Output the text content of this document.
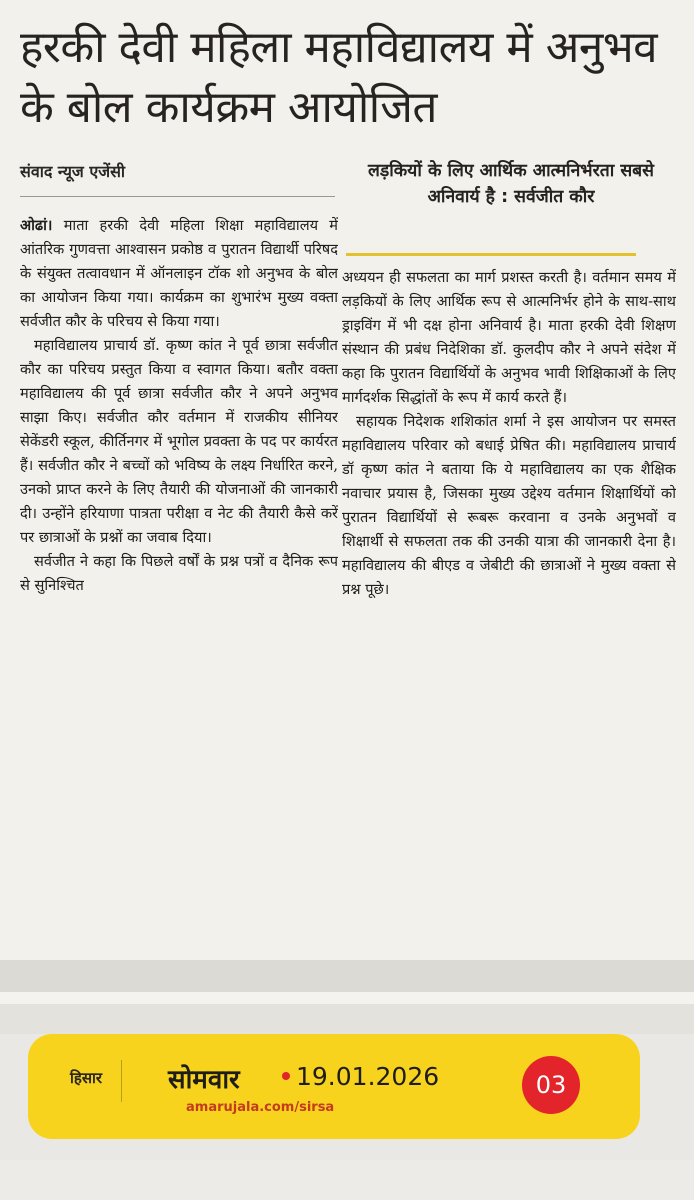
हरकी देवी महिला महाविद्यालय में अनुभव के बोल कार्यक्रम आयोजित
संवाद न्यूज एजेंसी

ओढां। माता हरकी देवी महिला शिक्षा महाविद्यालय में आंतरिक गुणवत्ता आश्वासन प्रकोष्ठ व पुरातन विद्यार्थी परिषद के संयुक्त तत्वावधान में ऑनलाइन टॉक शो अनुभव के बोल का आयोजन किया गया। कार्यक्रम का शुभारंभ मुख्य वक्ता सर्वजीत कौर के परिचय से किया गया।

महाविद्यालय प्राचार्य डॉ. कृष्ण कांत ने पूर्व छात्रा सर्वजीत कौर का परिचय प्रस्तुत किया व स्वागत किया। बतौर वक्ता महाविद्यालय की पूर्व छात्रा सर्वजीत कौर ने अपने अनुभव साझा किए। सर्वजीत कौर वर्तमान में राजकीय सीनियर सेकेंडरी स्कूल, कीर्तिनगर में भूगोल प्रवक्ता के पद पर कार्यरत हैं। सर्वजीत कौर ने बच्चों को भविष्य के लक्ष्य निर्धारित करने, उनको प्राप्त करने के लिए तैयारी की योजनाओं की जानकारी दी। उन्होंने हरियाणा पात्रता परीक्षा व नेट की तैयारी कैसे करें पर छात्राओं के प्रश्नों का जवाब दिया।

सर्वजीत ने कहा कि पिछले वर्षों के प्रश्न पत्रों व दैनिक रूप से सुनिश्चित

लड़कियों के लिए आर्थिक आत्मनिर्भरता सबसे अनिवार्य है : सर्वजीत कौर

अध्ययन ही सफलता का मार्ग प्रशस्त करती है। वर्तमान समय में लड़कियों के लिए आर्थिक रूप से आत्मनिर्भर होने के साथ-साथ ड्राइविंग में भी दक्ष होना अनिवार्य है। माता हरकी देवी शिक्षण संस्थान की प्रबंध निदेशिका डॉ. कुलदीप कौर ने अपने संदेश में कहा कि पुरातन विद्यार्थियों के अनुभव भावी शिक्षिकाओं के लिए मार्गदर्शक सिद्धांतों के रूप में कार्य करते हैं।

सहायक निदेशक शशिकांत शर्मा ने इस आयोजन पर समस्त महाविद्यालय परिवार को बधाई प्रेषित की। महाविद्यालय प्राचार्य डॉ कृष्ण कांत ने बताया कि ये महाविद्यालय का एक शैक्षिक नवाचार प्रयास है, जिसका मुख्य उद्देश्य वर्तमान शिक्षार्थियों को पुरातन विद्यार्थियों से रूबरू करवाना व उनके अनुभवों व शिक्षार्थी से सफलता तक की उनकी यात्रा की जानकारी देना है। महाविद्यालय की बीएड व जेबीटी की छात्राओं ने मुख्य वक्ता से प्रश्न पूछे।

हिसार	सोमवार 19.01.2026
amarujala.com/sirsa
03
